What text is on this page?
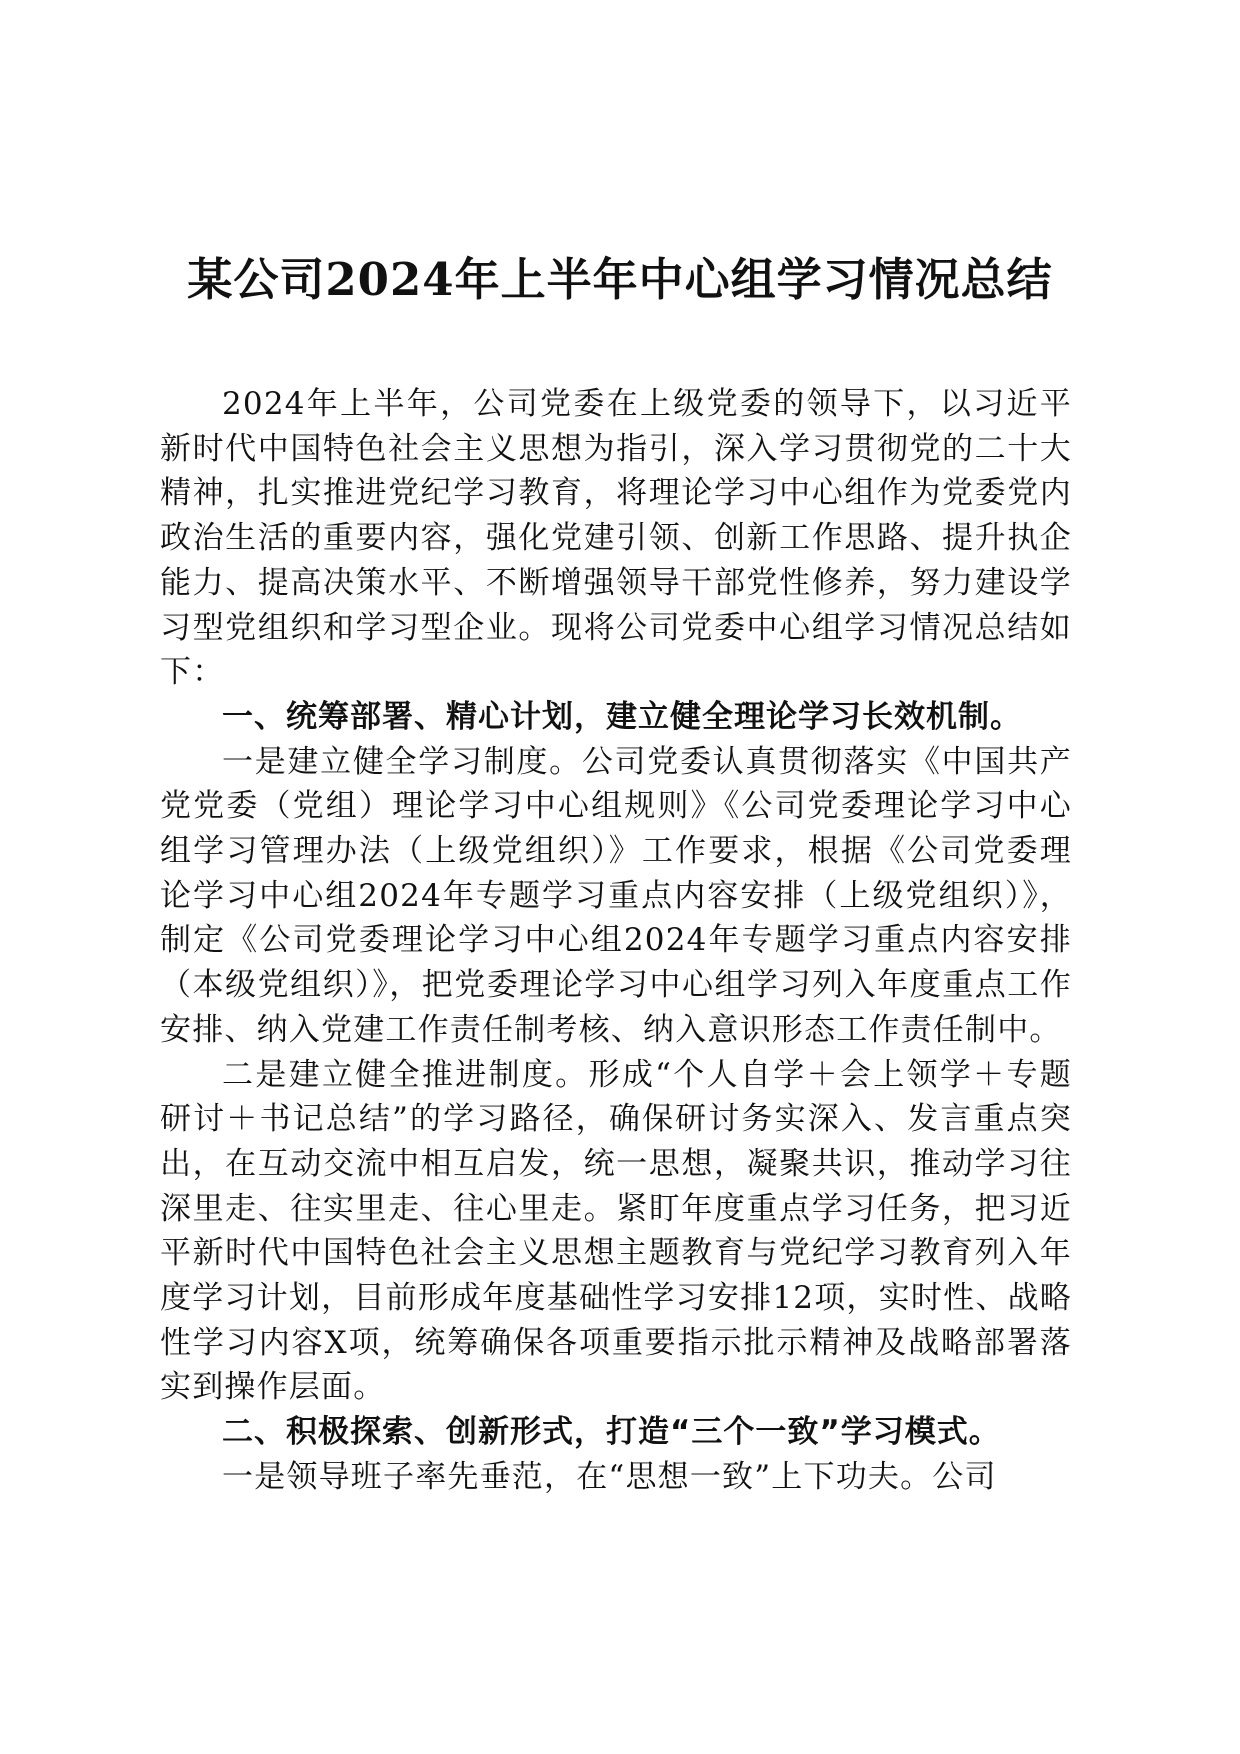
某公司2024年上半年中心组学习情况总结

2024年上半年，公司党委在上级党委的领导下，以习近平新时代中国特色社会主义思想为指引，深入学习贯彻党的二十大精神，扎实推进党纪学习教育，将理论学习中心组作为党委党内政治生活的重要内容，强化党建引领、创新工作思路、提升执企能力、提高决策水平、不断增强领导干部党性修养，努力建设学习型党组织和学习型企业。现将公司党委中心组学习情况总结如下：

一、统筹部署、精心计划，建立健全理论学习长效机制。

一是建立健全学习制度。公司党委认真贯彻落实《中国共产党党委（党组）理论学习中心组规则》《公司党委理论学习中心组学习管理办法（上级党组织）》工作要求，根据《公司党委理论学习中心组2024年专题学习重点内容安排（上级党组织）》，制定《公司党委理论学习中心组2024年专题学习重点内容安排（本级党组织）》，把党委理论学习中心组学习列入年度重点工作安排、纳入党建工作责任制考核、纳入意识形态工作责任制中。

二是建立健全推进制度。形成“个人自学＋会上领学＋专题研讨＋书记总结”的学习路径，确保研讨务实深入、发言重点突出，在互动交流中相互启发，统一思想，凝聚共识，推动学习往深里走、往实里走、往心里走。紧盯年度重点学习任务，把习近平新时代中国特色社会主义思想主题教育与党纪学习教育列入年度学习计划，目前形成年度基础性学习安排12项，实时性、战略性学习内容X项，统筹确保各项重要指示批示精神及战略部署落实到操作层面。

二、积极探索、创新形式，打造“三个一致”学习模式。

一是领导班子率先垂范，在“思想一致”上下功夫。公司
